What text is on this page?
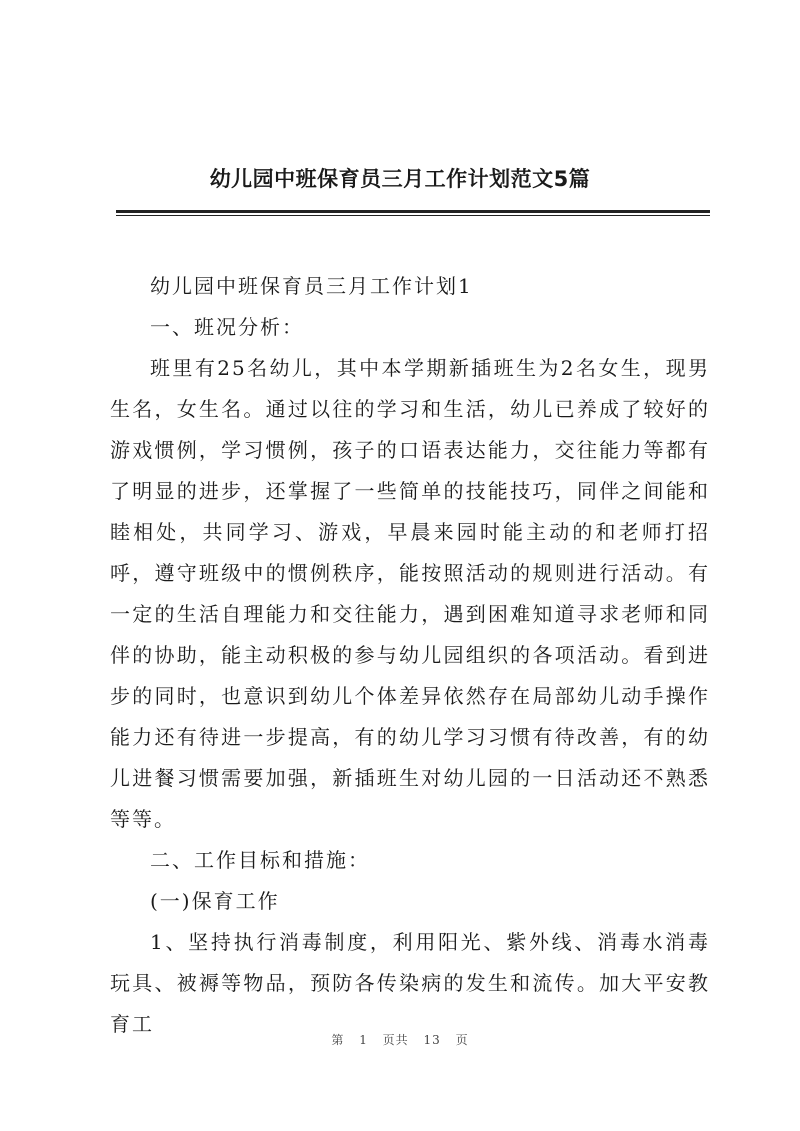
幼儿园中班保育员三月工作计划范文5篇

幼儿园中班保育员三月工作计划1

一、班况分析：

班里有25名幼儿，其中本学期新插班生为2名女生，现男生名，女生名。通过以往的学习和生活，幼儿已养成了较好的游戏惯例，学习惯例，孩子的口语表达能力，交往能力等都有了明显的进步，还掌握了一些简单的技能技巧，同伴之间能和睦相处，共同学习、游戏，早晨来园时能主动的和老师打招呼，遵守班级中的惯例秩序，能按照活动的规则进行活动。有一定的生活自理能力和交往能力，遇到困难知道寻求老师和同伴的协助，能主动积极的参与幼儿园组织的各项活动。看到进步的同时，也意识到幼儿个体差异依然存在局部幼儿动手操作能力还有待进一步提高，有的幼儿学习习惯有待改善，有的幼儿进餐习惯需要加强，新插班生对幼儿园的一日活动还不熟悉等等。

二、工作目标和措施：

(一)保育工作

1、坚持执行消毒制度，利用阳光、紫外线、消毒水消毒玩具、被褥等物品，预防各传染病的发生和流传。加大平安教育工

第 1 页共 13 页
